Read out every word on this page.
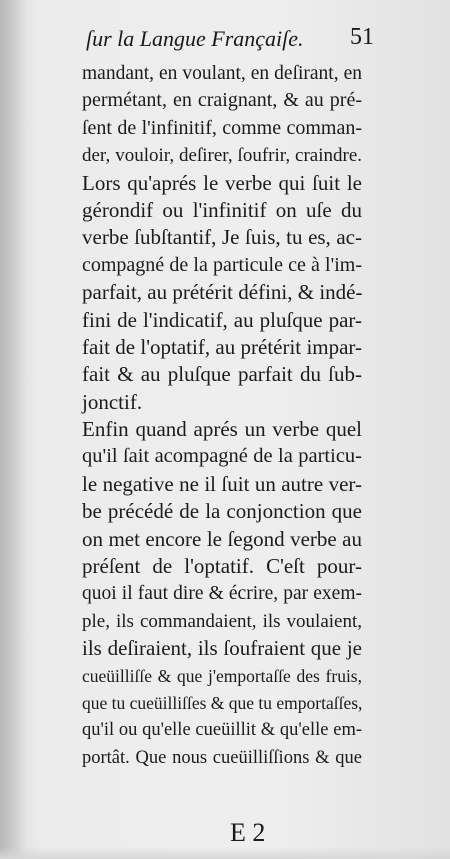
ſur la Langue Françaiſe.	51
mandant, en voulant, en deſirant, en
permétant, en craignant, & au pré-
ſent de l'infinitif, comme comman-
der, vouloir, deſirer, ſoufrir, craindre.
Lors qu'aprés le verbe qui ſuit le
gérondif ou l'infinitif on uſe du
verbe ſubſtantif, Je ſuis, tu es, ac-
compagné de la particule ce à l'im-
parfait, au prétérit défini, & indé-
fini de l'indicatif, au pluſque par-
fait de l'optatif, au prétérit impar-
fait & au pluſque parfait du ſub-
jonctif.
Enfin quand aprés un verbe quel
qu'il ſait acompagné de la particu-
le negative ne il ſuit un autre ver-
be précédé de la conjonction que
on met encore le ſegond verbe au
préſent de l'optatif. C'eſt pour-
quoi il faut dire & écrire, par exem-
ple, ils commandaient, ils voulaient,
ils deſiraient, ils ſoufraient que je
cueüilliſſe & que j'emportaſſe des fruis,
que tu cueüilliſſes & que tu emportaſſes,
qu'il ou qu'elle cueüillit & qu'elle em-
portât. Que nous cueüilliſſions & que
E 2
